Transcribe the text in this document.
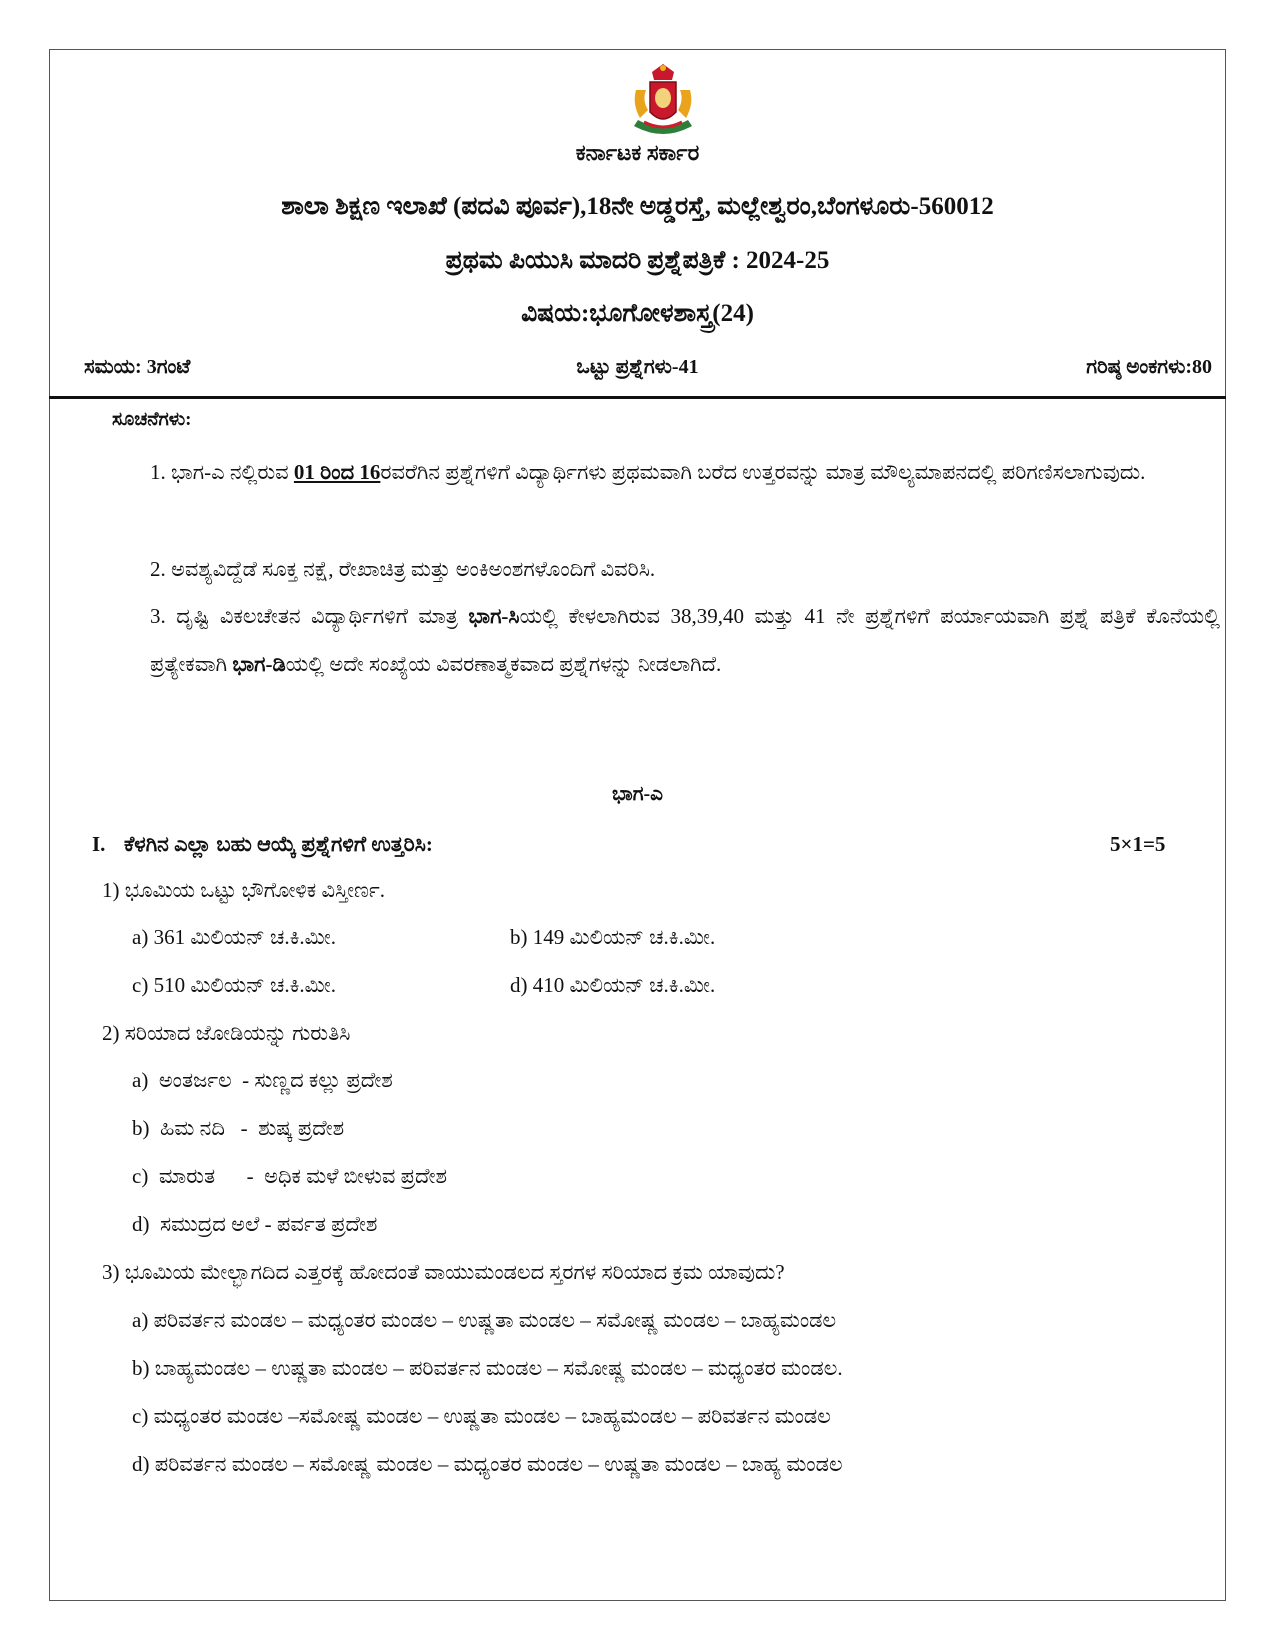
ಕರ್ನಾಟಕ ಸರ್ಕಾರ
ಶಾಲಾ ಶಿಕ್ಷಣ ಇಲಾಖೆ (ಪದವಿ ಪೂರ್ವ),18ನೇ ಅಡ್ಡರಸ್ತೆ, ಮಲ್ಲೇಶ್ವರಂ,ಬೆಂಗಳೂರು-560012
ಪ್ರಥಮ ಪಿಯುಸಿ ಮಾದರಿ ಪ್ರಶ್ನೆಪತ್ರಿಕೆ : 2024-25
ವಿಷಯ:ಭೂಗೋಳಶಾಸ್ತ್ರ(24)
ಸಮಯ: 3ಗಂಟೆ	ಒಟ್ಟು ಪ್ರಶ್ನೆಗಳು-41	ಗರಿಷ್ಠ ಅಂಕಗಳು:80
ಸೂಚನೆಗಳು:
1. ಭಾಗ-ಎ ನಲ್ಲಿರುವ 01 ರಿಂದ 16ರವರೆಗಿನ ಪ್ರಶ್ನೆಗಳಿಗೆ ವಿದ್ಯಾರ್ಥಿಗಳು ಪ್ರಥಮವಾಗಿ ಬರೆದ ಉತ್ತರವನ್ನು ಮಾತ್ರ ಮೌಲ್ಯಮಾಪನದಲ್ಲಿ ಪರಿಗಣಿಸಲಾಗುವುದು.
2. ಅವಶ್ಯವಿದ್ದೆಡೆ ಸೂಕ್ತ ನಕ್ಷೆ, ರೇಖಾಚಿತ್ರ ಮತ್ತು ಅಂಕಿಅಂಶಗಳೊಂದಿಗೆ ವಿವರಿಸಿ.
3. ದೃಷ್ಟಿ ವಿಕಲಚೇತನ ವಿದ್ಯಾರ್ಥಿಗಳಿಗೆ ಮಾತ್ರ ಭಾಗ-ಸಿಯಲ್ಲಿ ಕೇಳಲಾಗಿರುವ 38,39,40 ಮತ್ತು 41 ನೇ ಪ್ರಶ್ನೆಗಳಿಗೆ ಪರ್ಯಾಯವಾಗಿ ಪ್ರಶ್ನೆ ಪತ್ರಿಕೆ ಕೊನೆಯಲ್ಲಿ ಪ್ರತ್ಯೇಕವಾಗಿ ಭಾಗ-ಡಿಯಲ್ಲಿ ಅದೇ ಸಂಖ್ಯೆಯ ವಿವರಣಾತ್ಮಕವಾದ ಪ್ರಶ್ನೆಗಳನ್ನು ನೀಡಲಾಗಿದೆ.
ಭಾಗ-ಎ
I. ಕೆಳಗಿನ ಎಲ್ಲಾ ಬಹು ಆಯ್ಕೆ ಪ್ರಶ್ನೆಗಳಿಗೆ ಉತ್ತರಿಸಿ:	5×1=5
1) ಭೂಮಿಯ ಒಟ್ಟು ಭೌಗೋಳಿಕ ವಿಸ್ತೀರ್ಣ.
a) 361 ಮಿಲಿಯನ್ ಚ.ಕಿ.ಮೀ.	b) 149 ಮಿಲಿಯನ್ ಚ.ಕಿ.ಮೀ.
c) 510 ಮಿಲಿಯನ್ ಚ.ಕಿ.ಮೀ.	d) 410 ಮಿಲಿಯನ್ ಚ.ಕಿ.ಮೀ.
2) ಸರಿಯಾದ ಜೋಡಿಯನ್ನು ಗುರುತಿಸಿ
a)  ಅಂತರ್ಜಲ  - ಸುಣ್ಣದ ಕಲ್ಲು ಪ್ರದೇಶ
b)  ಹಿಮ ನದಿ   -  ಶುಷ್ಕ ಪ್ರದೇಶ
c)  ಮಾರುತ      -  ಅಧಿಕ ಮಳೆ ಬೀಳುವ ಪ್ರದೇಶ
d)  ಸಮುದ್ರದ ಅಲೆ - ಪರ್ವತ ಪ್ರದೇಶ
3) ಭೂಮಿಯ ಮೇಲ್ಭಾಗದಿದ ಎತ್ತರಕ್ಕೆ ಹೋದಂತೆ ವಾಯುಮಂಡಲದ ಸ್ತರಗಳ ಸರಿಯಾದ ಕ್ರಮ ಯಾವುದು?
a) ಪರಿವರ್ತನ ಮಂಡಲ – ಮಧ್ಯಂತರ ಮಂಡಲ – ಉಷ್ಣತಾ ಮಂಡಲ – ಸಮೋಷ್ಣ ಮಂಡಲ – ಬಾಹ್ಯಮಂಡಲ
b) ಬಾಹ್ಯಮಂಡಲ – ಉಷ್ಣತಾ ಮಂಡಲ – ಪರಿವರ್ತನ ಮಂಡಲ – ಸಮೋಷ್ಣ ಮಂಡಲ – ಮಧ್ಯಂತರ ಮಂಡಲ.
c) ಮಧ್ಯಂತರ ಮಂಡಲ –ಸಮೋಷ್ಣ ಮಂಡಲ – ಉಷ್ಣತಾ ಮಂಡಲ – ಬಾಹ್ಯಮಂಡಲ – ಪರಿವರ್ತನ ಮಂಡಲ
d) ಪರಿವರ್ತನ ಮಂಡಲ – ಸಮೋಷ್ಣ ಮಂಡಲ – ಮಧ್ಯಂತರ ಮಂಡಲ – ಉಷ್ಣತಾ ಮಂಡಲ – ಬಾಹ್ಯ ಮಂಡಲ
